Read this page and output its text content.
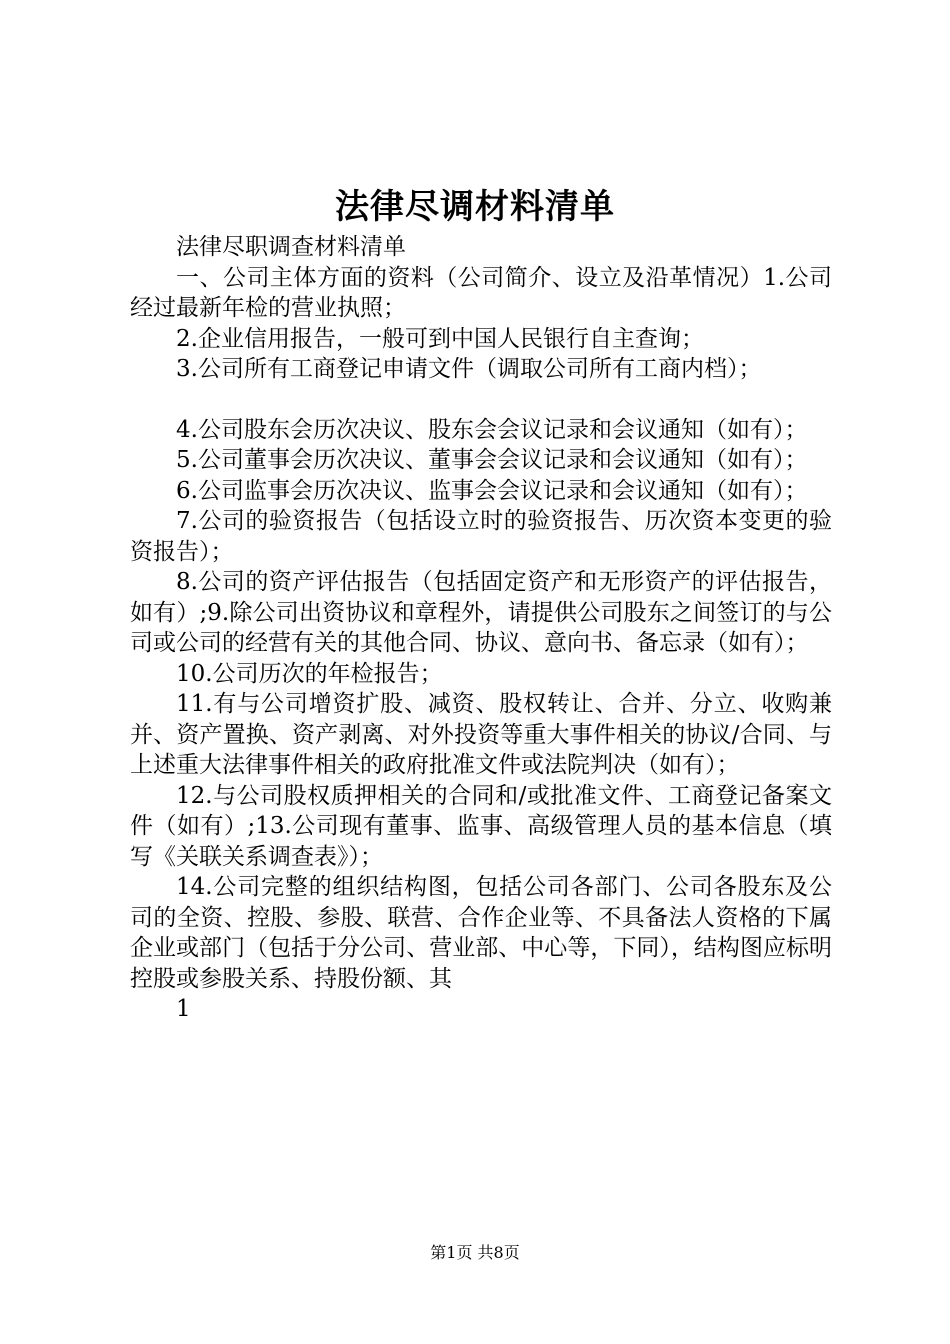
法律尽调材料清单

法律尽职调查材料清单

一、公司主体方面的资料（公司简介、设立及沿革情况）1.公司经过最新年检的营业执照；

2.企业信用报告，一般可到中国人民银行自主查询；

3.公司所有工商登记申请文件（调取公司所有工商内档）；

4.公司股东会历次决议、股东会会议记录和会议通知（如有）；

5.公司董事会历次决议、董事会会议记录和会议通知（如有）；

6.公司监事会历次决议、监事会会议记录和会议通知（如有）；

7.公司的验资报告（包括设立时的验资报告、历次资本变更的验资报告）；

8.公司的资产评估报告（包括固定资产和无形资产的评估报告，如有）;9.除公司出资协议和章程外，请提供公司股东之间签订的与公司或公司的经营有关的其他合同、协议、意向书、备忘录（如有）；

10.公司历次的年检报告；

11.有与公司增资扩股、减资、股权转让、合并、分立、收购兼并、资产置换、资产剥离、对外投资等重大事件相关的协议/合同、与上述重大法律事件相关的政府批准文件或法院判决（如有）；

12.与公司股权质押相关的合同和/或批准文件、工商登记备案文件（如有）;13.公司现有董事、监事、高级管理人员的基本信息（填写《关联关系调查表》）；

14.公司完整的组织结构图，包括公司各部门、公司各股东及公司的全资、控股、参股、联营、合作企业等、不具备法人资格的下属企业或部门（包括于分公司、营业部、中心等，下同），结构图应标明控股或参股关系、持股份额、其

1

第1页 共8页
